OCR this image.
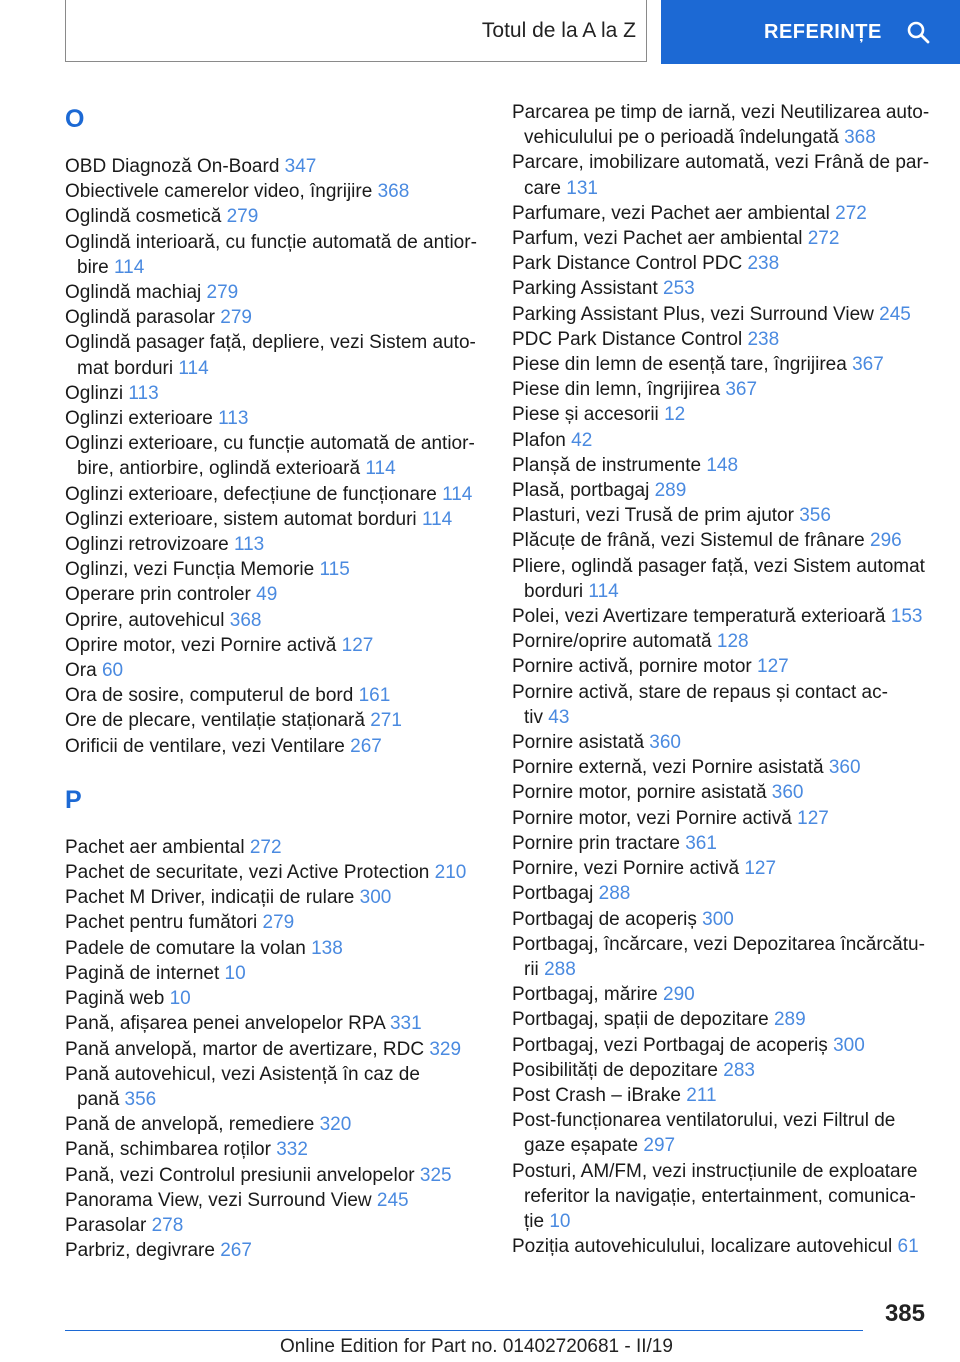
Totul de la A la Z	REFERINȚE
O
OBD Diagnoză On-Board 347
Obiectivele camerelor video, îngrijire 368
Oglindă cosmetică 279
Oglindă interioară, cu funcție automată de antior-
bire 114
Oglindă machiaj 279
Oglindă parasolar 279
Oglindă pasager față, depliere, vezi Sistem auto-
mat borduri 114
Oglinzi 113
Oglinzi exterioare 113
Oglinzi exterioare, cu funcție automată de antior-
bire, antiorbire, oglindă exterioară 114
Oglinzi exterioare, defecțiune de funcționare 114
Oglinzi exterioare, sistem automat borduri 114
Oglinzi retrovizoare 113
Oglinzi, vezi Funcția Memorie 115
Operare prin controler 49
Oprire, autovehicul 368
Oprire motor, vezi Pornire activă 127
Ora 60
Ora de sosire, computerul de bord 161
Ore de plecare, ventilație staționară 271
Orificii de ventilare, vezi Ventilare 267
P
Pachet aer ambiental 272
Pachet de securitate, vezi Active Protection 210
Pachet M Driver, indicații de rulare 300
Pachet pentru fumători 279
Padele de comutare la volan 138
Pagină de internet 10
Pagină web 10
Pană, afișarea penei anvelopelor RPA 331
Pană anvelopă, martor de avertizare, RDC 329
Pană autovehicul, vezi Asistență în caz de
pană 356
Pană de anvelopă, remediere 320
Pană, schimbarea roților 332
Pană, vezi Controlul presiunii anvelopelor 325
Panorama View, vezi Surround View 245
Parasolar 278
Parbriz, degivrare 267
Parcarea pe timp de iarnă, vezi Neutilizarea auto-
vehiculului pe o perioadă îndelungată 368
Parcare, imobilizare automată, vezi Frână de par-
care 131
Parfumare, vezi Pachet aer ambiental 272
Parfum, vezi Pachet aer ambiental 272
Park Distance Control PDC 238
Parking Assistant 253
Parking Assistant Plus, vezi Surround View 245
PDC Park Distance Control 238
Piese din lemn de esență tare, îngrijirea 367
Piese din lemn, îngrijirea 367
Piese și accesorii 12
Plafon 42
Planșă de instrumente 148
Plasă, portbagaj 289
Plasturi, vezi Trusă de prim ajutor 356
Plăcuțe de frână, vezi Sistemul de frânare 296
Pliere, oglindă pasager față, vezi Sistem automat
borduri 114
Polei, vezi Avertizare temperatură exterioară 153
Pornire/oprire automată 128
Pornire activă, pornire motor 127
Pornire activă, stare de repaus și contact ac-
tiv 43
Pornire asistată 360
Pornire externă, vezi Pornire asistată 360
Pornire motor, pornire asistată 360
Pornire motor, vezi Pornire activă 127
Pornire prin tractare 361
Pornire, vezi Pornire activă 127
Portbagaj 288
Portbagaj de acoperiș 300
Portbagaj, încărcare, vezi Depozitarea încărcătu-
rii 288
Portbagaj, mărire 290
Portbagaj, spații de depozitare 289
Portbagaj, vezi Portbagaj de acoperiș 300
Posibilități de depozitare 283
Post Crash – iBrake 211
Post-funcționarea ventilatorului, vezi Filtrul de
gaze eșapate 297
Posturi, AM/FM, vezi instrucțiunile de exploatare
referitor la navigație, entertainment, comunica-
ție 10
Poziția autovehiculului, localizare autovehicul 61
385
Online Edition for Part no. 01402720681 - II/19
